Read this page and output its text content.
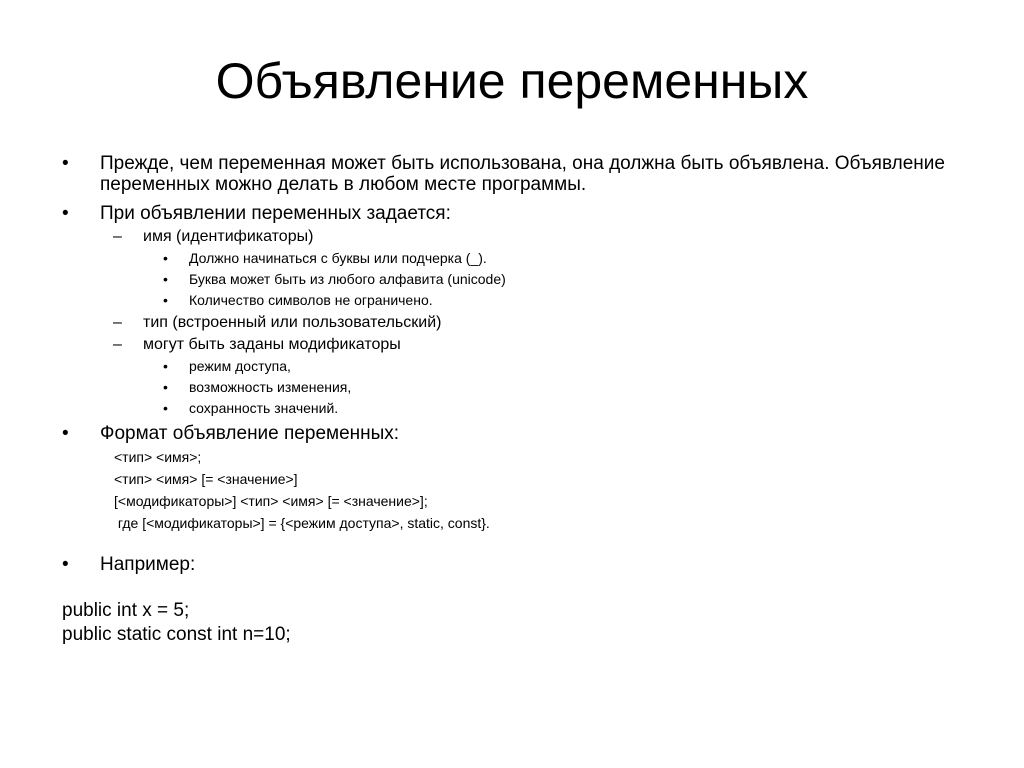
Объявление переменных
•	Прежде, чем переменная может быть использована, она должна быть объявлена. Объявление переменных можно делать в любом месте программы.
•	При объявлении переменных задается:
– имя (идентификаторы)
• Должно начинаться с буквы или подчерка (_).
• Буква может быть из любого алфавита (unicode)
• Количество символов не ограничено.
– тип (встроенный или пользовательский)
– могут быть заданы модификаторы
• режим доступа,
• возможность изменения,
• сохранность значений.
•	Формат объявление переменных:
<тип> <имя>;
<тип> <имя> [= <значение>]
[<модификаторы>] <тип> <имя> [= <значение>];
где [<модификаторы>] = {<режим доступа>, static, const}.
•	Например:
public int x = 5;
public static const int n=10;
